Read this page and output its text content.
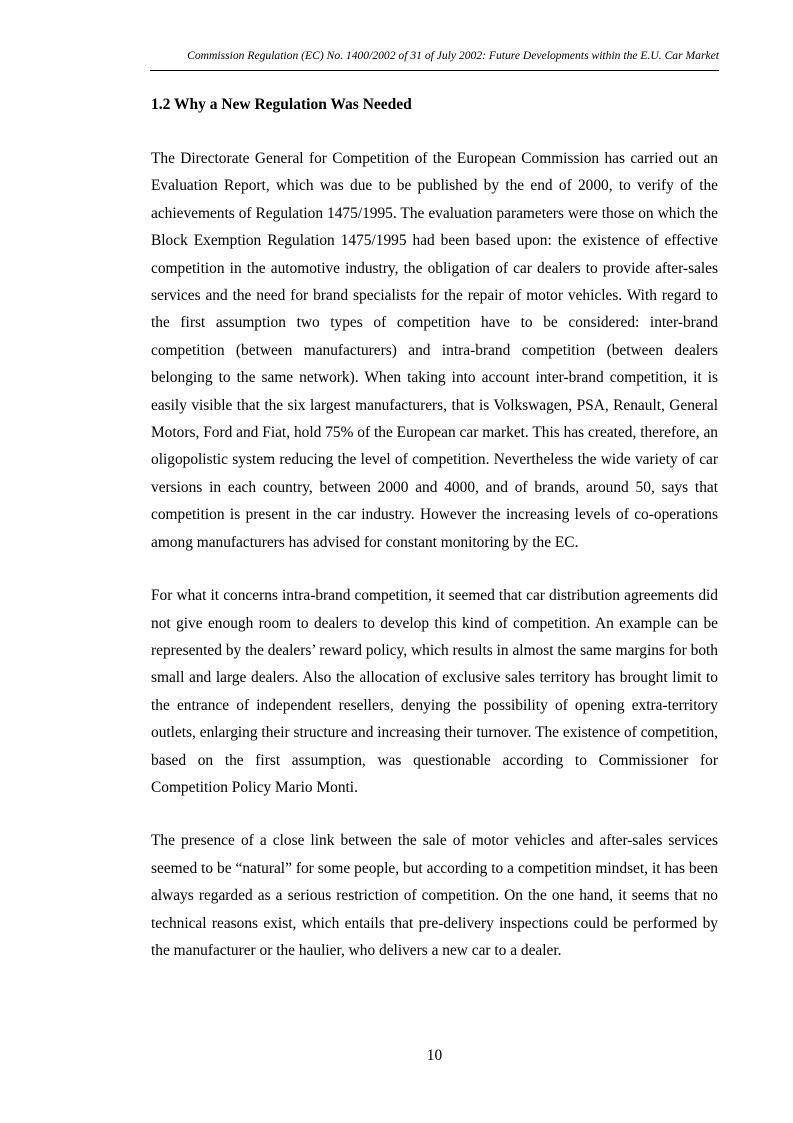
Commission Regulation (EC) No. 1400/2002 of 31 of July 2002: Future Developments within the E.U. Car Market
1.2 Why a New Regulation Was Needed

The Directorate General for Competition of the European Commission has carried out an Evaluation Report, which was due to be published by the end of 2000, to verify of the achievements of Regulation 1475/1995. The evaluation parameters were those on which the Block Exemption Regulation 1475/1995 had been based upon: the existence of effective competition in the automotive industry, the obligation of car dealers to provide after-sales services and the need for brand specialists for the repair of motor vehicles. With regard to the first assumption two types of competition have to be considered: inter-brand competition (between manufacturers) and intra-brand competition (between dealers belonging to the same network). When taking into account inter-brand competition, it is easily visible that the six largest manufacturers, that is Volkswagen, PSA, Renault, General Motors, Ford and Fiat, hold 75% of the European car market. This has created, therefore, an oligopolistic system reducing the level of competition. Nevertheless the wide variety of car versions in each country, between 2000 and 4000, and of brands, around 50, says that competition is present in the car industry. However the increasing levels of co-operations among manufacturers has advised for constant monitoring by the EC.

For what it concerns intra-brand competition, it seemed that car distribution agreements did not give enough room to dealers to develop this kind of competition. An example can be represented by the dealers’ reward policy, which results in almost the same margins for both small and large dealers. Also the allocation of exclusive sales territory has brought limit to the entrance of independent resellers, denying the possibility of opening extra-territory outlets, enlarging their structure and increasing their turnover. The existence of competition, based on the first assumption, was questionable according to Commissioner for Competition Policy Mario Monti.

The presence of a close link between the sale of motor vehicles and after-sales services seemed to be “natural” for some people, but according to a competition mindset, it has been always regarded as a serious restriction of competition. On the one hand, it seems that no technical reasons exist, which entails that pre-delivery inspections could be performed by the manufacturer or the haulier, who delivers a new car to a dealer.

10
